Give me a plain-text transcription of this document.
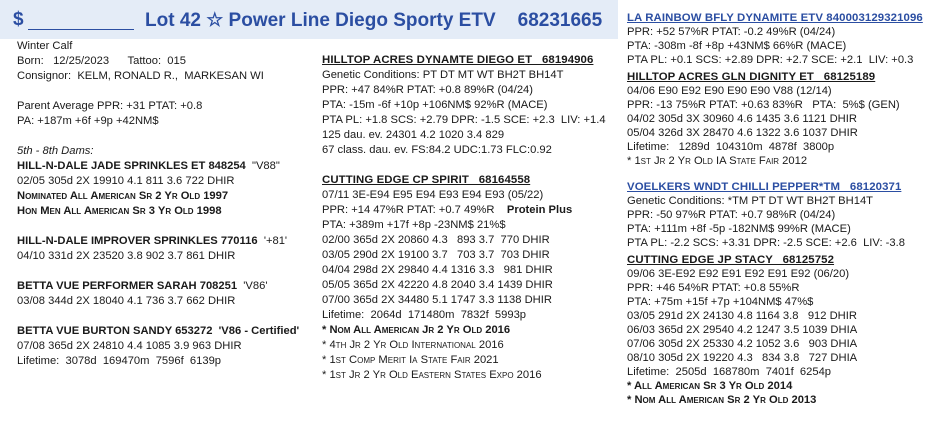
$	Lot 42 ☆ Power Line Diego Sporty ETV 68231665
Winter Calf
Born:   12/25/2023      Tattoo:  015
Consignor:  KELM, RONALD R.,  MARKESAN WI
Parent Average PPR: +31 PTAT: +0.8
PA: +187m +6f +9p +42NM$
5th - 8th Dams:
HILL-N-DALE JADE SPRINKLES ET 848254 "V88"
02/05 305d 2X 19910 4.1 811 3.6 722 DHIR
Nominated All American Sr 2 Yr Old 1997
Hon Men All American Sr 3 Yr Old 1998
HILL-N-DALE IMPROVER SPRINKLES 770116 '+81'
04/10 331d 2X 23520 3.8 902 3.7 861 DHIR
BETTA VUE PERFORMER SARAH 708251 'V86'
03/08 344d 2X 18040 4.1 736 3.7 662 DHIR
BETTA VUE BURTON SANDY 653272 'V86 - Certified'
07/08 365d 2X 24810 4.4 1085 3.9 963 DHIR
Lifetime:  3078d  169470m  7596f  6139p
HILLTOP ACRES DYNAMTE DIEGO ET   68194906
Genetic Conditions: PT DT MT WT BH2T BH14T
PPR: +47 84%R PTAT: +0.8 89%R (04/24)
PTA: -15m -6f +10p +106NM$ 92%R (MACE)
PTA PL: +1.8 SCS: +2.79 DPR: -1.5 SCE: +2.3  LIV: +1.4
125 dau. ev. 24301 4.2 1020 3.4 829
67 class. dau. ev. FS:84.2 UDC:1.73 FLC:0.92
CUTTING EDGE CP SPIRIT   68164558
07/11 3E-E94 E95 E94 E93 E94 E93 (05/22)
PPR: +14 47%R PTAT: +0.7 49%R Protein Plus
PTA: +389m +17f +8p -23NM$ 21%$
02/00 365d 2X 20860 4.3   893 3.7  770 DHIR
03/05 290d 2X 19100 3.7   703 3.7  703 DHIR
04/04 298d 2X 29840 4.4 1316 3.3   981 DHIR
05/05 365d 2X 42220 4.8 2040 3.4 1439 DHIR
07/00 365d 2X 34480 5.1 1747 3.3 1138 DHIR
Lifetime:  2064d  171480m  7832f  5993p
* Nom All American Jr 2 Yr Old 2016
* 4th Jr 2 Yr Old International 2016
* 1st Comp Merit Ia State Fair 2021
* 1st Jr 2 Yr Old Eastern States Expo 2016
LA RAINBOW BFLY DYNAMITE ETV 840003129321096
PPR: +52 57%R PTAT: -0.2 49%R (04/24)
PTA: -308m -8f +8p +43NM$ 66%R (MACE)
PTA PL: +0.1 SCS: +2.89 DPR: +2.7 SCE: +2.1  LIV: +0.3
HILLTOP ACRES GLN DIGNITY ET   68125189
04/06 E90 E92 E90 E90 E90 V88 (12/14)
PPR: -13 75%R PTAT: +0.63 83%R   PTA:  5%$ (GEN)
04/02 305d 3X 30960 4.6 1435 3.6 1121 DHIR
05/04 326d 3X 28470 4.6 1322 3.6 1037 DHIR
Lifetime:   1289d  104310m  4878f  3800p
* 1st Jr 2 Yr Old IA State Fair 2012
VOELKERS WNDT CHILLI PEPPER*TM   68120371
Genetic Conditions: *TM PT DT WT BH2T BH14T
PPR: -50 97%R PTAT: +0.7 98%R (04/24)
PTA: +111m +8f -5p -182NM$ 99%R (MACE)
PTA PL: -2.2 SCS: +3.31 DPR: -2.5 SCE: +2.6  LIV: -3.8
CUTTING EDGE JP STACY   68125752
09/06 3E-E92 E92 E91 E92 E91 E92 (06/20)
PPR: +46 54%R PTAT: +0.8 55%R
PTA: +75m +15f +7p +104NM$ 47%$
03/05 291d 2X 24130 4.8 1164 3.8   912 DHIR
06/03 365d 2X 29540 4.2 1247 3.5 1039 DHIA
07/06 305d 2X 25330 4.2 1052 3.6   903 DHIA
08/10 305d 2X 19220 4.3   834 3.8   727 DHIA
Lifetime:  2505d  168780m  7401f  6254p
* All American Sr 3 Yr Old 2014
* Nom All American Sr 2 Yr Old 2013
